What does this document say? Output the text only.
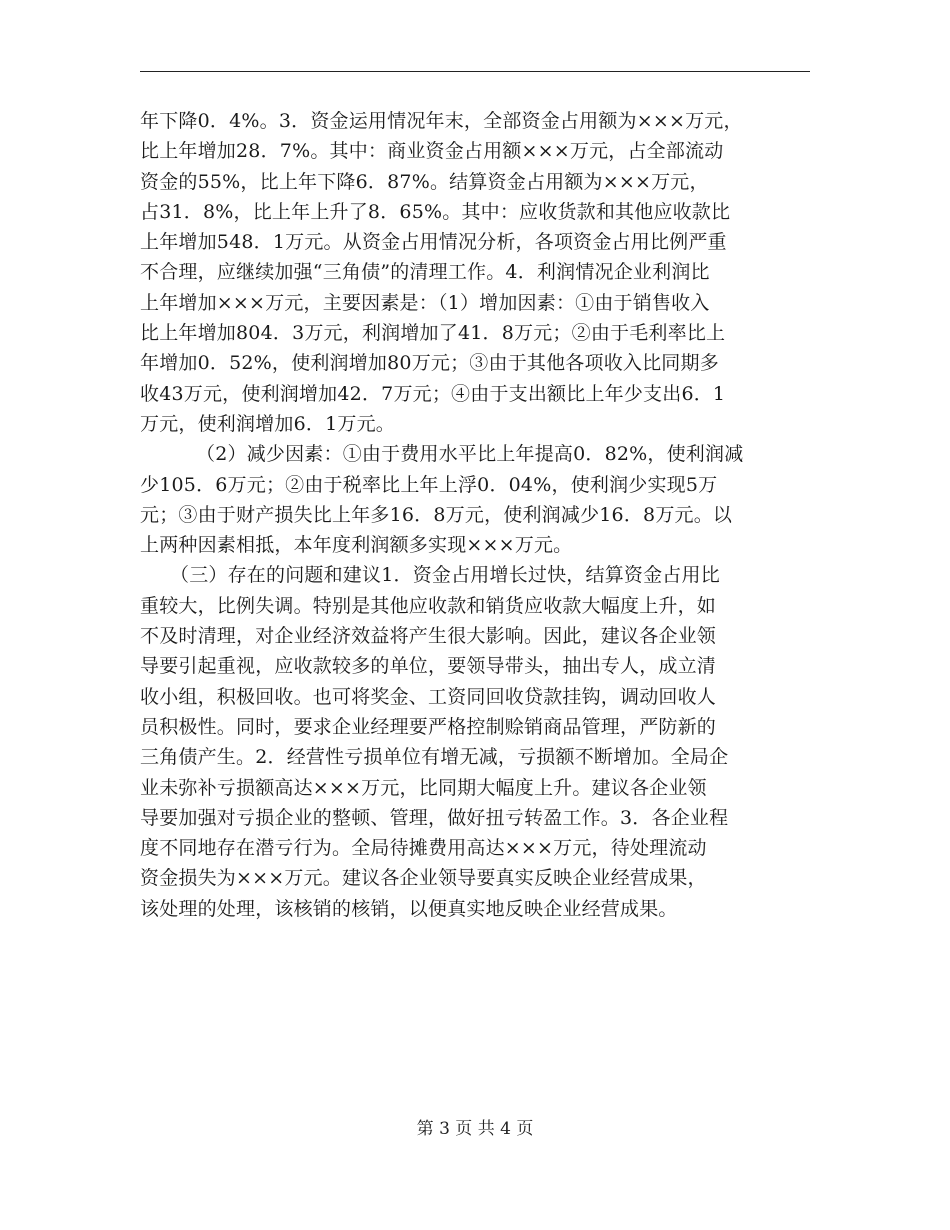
年下降0．4%。3．资金运用情况年末，全部资金占用额为×××万元，
比上年增加28．7%。其中：商业资金占用额×××万元，占全部流动
资金的55%，比上年下降6．87%。结算资金占用额为×××万元，
占31．8%，比上年上升了8．65%。其中：应收货款和其他应收款比
上年增加548．1万元。从资金占用情况分析，各项资金占用比例严重
不合理，应继续加强“三角债”的清理工作。4．利润情况企业利润比
上年增加×××万元，主要因素是：（1）增加因素：①由于销售收入
比上年增加804．3万元，利润增加了41．8万元；②由于毛利率比上
年增加0．52%，使利润增加80万元；③由于其他各项收入比同期多
收43万元，使利润增加42．7万元；④由于支出额比上年少支出6．1
万元，使利润增加6．1万元。
（2）减少因素：①由于费用水平比上年提高0．82%，使利润减
少105．6万元；②由于税率比上年上浮0．04%，使利润少实现5万
元；③由于财产损失比上年多16．8万元，使利润减少16．8万元。以
上两种因素相抵，本年度利润额多实现×××万元。
（三）存在的问题和建议1．资金占用增长过快，结算资金占用比
重较大，比例失调。特别是其他应收款和销货应收款大幅度上升，如
不及时清理，对企业经济效益将产生很大影响。因此，建议各企业领
导要引起重视，应收款较多的单位，要领导带头，抽出专人，成立清
收小组，积极回收。也可将奖金、工资同回收贷款挂钩，调动回收人
员积极性。同时，要求企业经理要严格控制赊销商品管理，严防新的
三角债产生。2．经营性亏损单位有增无减，亏损额不断增加。全局企
业未弥补亏损额高达×××万元，比同期大幅度上升。建议各企业领
导要加强对亏损企业的整顿、管理，做好扭亏转盈工作。3．各企业程
度不同地存在潜亏行为。全局待摊费用高达×××万元，待处理流动
资金损失为×××万元。建议各企业领导要真实反映企业经营成果，
该处理的处理，该核销的核销，以便真实地反映企业经营成果。
第 3 页 共 4 页
